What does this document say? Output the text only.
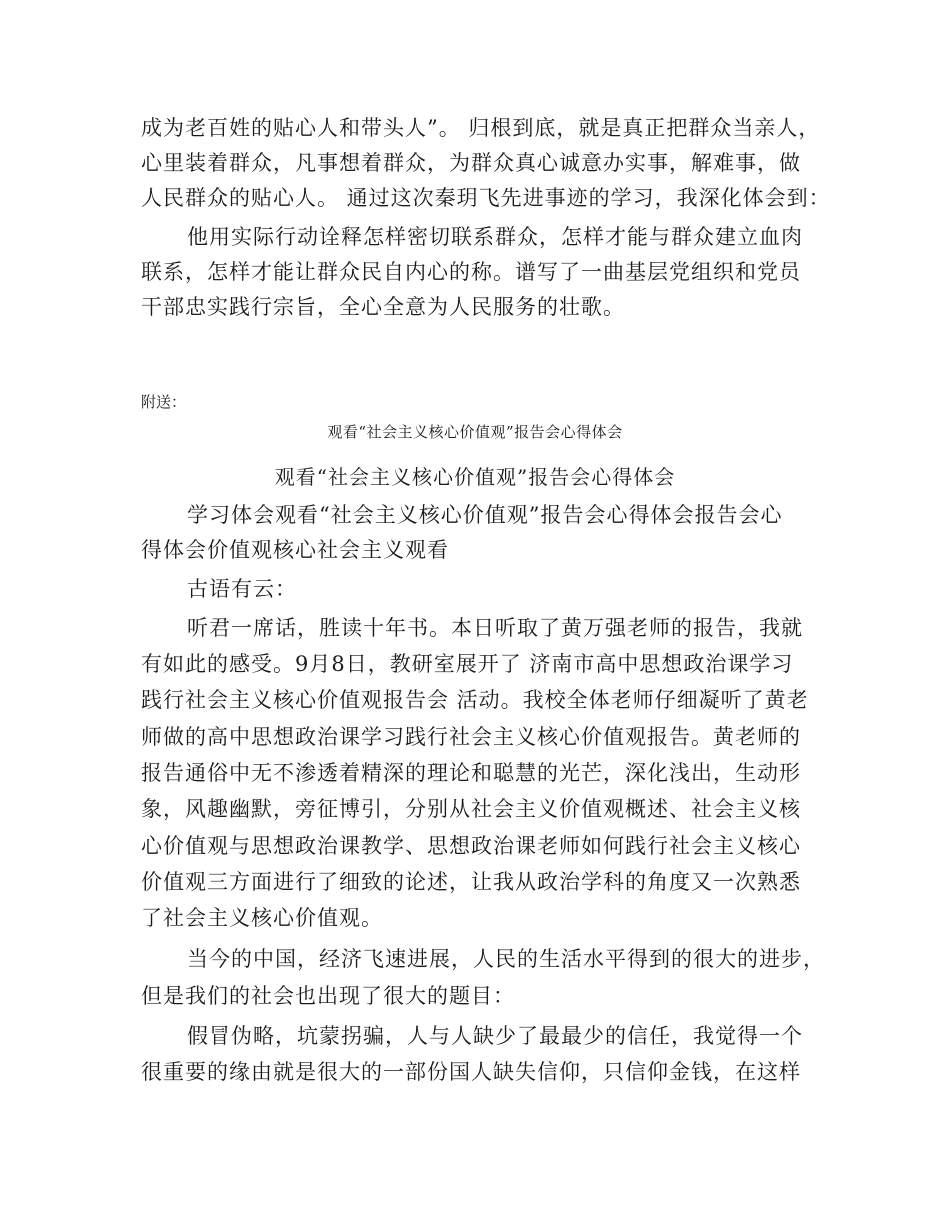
成为老百姓的贴心人和带头人”。 归根到底，就是真正把群众当亲人，
心里装着群众，凡事想着群众，为群众真心诚意办实事，解难事，做
人民群众的贴心人。 通过这次秦玥飞先进事迹的学习，我深化体会到：
他用实际行动诠释怎样密切联系群众，怎样才能与群众建立血肉
联系，怎样才能让群众民自内心的称。谱写了一曲基层党组织和党员
干部忠实践行宗旨，全心全意为人民服务的壮歌。
附送：
观看“社会主义核心价值观”报告会心得体会
观看“社会主义核心价值观”报告会心得体会
学习体会观看“社会主义核心价值观”报告会心得体会报告会心
得体会价值观核心社会主义观看
古语有云：
听君一席话，胜读十年书。本日听取了黄万强老师的报告，我就
有如此的感受。9月8日，教研室展开了 济南市高中思想政治课学习
践行社会主义核心价值观报告会 活动。我校全体老师仔细凝听了黄老
师做的高中思想政治课学习践行社会主义核心价值观报告。黄老师的
报告通俗中无不渗透着精深的理论和聪慧的光芒，深化浅出，生动形
象，风趣幽默，旁征博引，分别从社会主义价值观概述、社会主义核
心价值观与思想政治课教学、思想政治课老师如何践行社会主义核心
价值观三方面进行了细致的论述，让我从政治学科的角度又一次熟悉
了社会主义核心价值观。
当今的中国，经济飞速进展，人民的生活水平得到的很大的进步，
但是我们的社会也出现了很大的题目：
假冒伪略，坑蒙拐骗，人与人缺少了最最少的信任，我觉得一个
很重要的缘由就是很大的一部份国人缺失信仰，只信仰金钱，在这样
